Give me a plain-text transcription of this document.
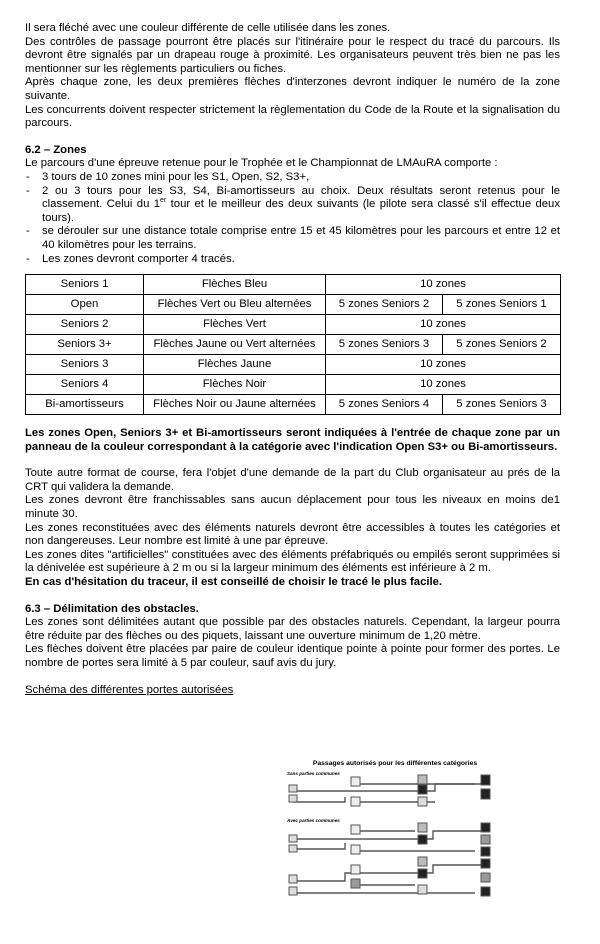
Il sera fléché avec une couleur différente de celle utilisée dans les zones.

Des contrôles de passage pourront être placés sur l'itinéraire pour le respect du tracé du parcours. Ils devront être signalés par un drapeau rouge à proximité. Les organisateurs peuvent très bien ne pas les mentionner sur les règlements particuliers ou fiches.

Après chaque zone, les deux premières flèches d'interzones devront indiquer le numéro de la zone suivante.

Les concurrents doivent respecter strictement la règlementation du Code de la Route et la signalisation du parcours.

6.2 – Zones

Le parcours d'une épreuve retenue pour le Trophée et le Championnat de LMAuRA comporte :

- 3 tours de 10 zones mini pour les S1, Open, S2, S3+,
- 2 ou 3 tours pour les S3, S4, Bi-amortisseurs au choix. Deux résultats seront retenus pour le classement. Celui du 1er tour et le meilleur des deux suivants (le pilote sera classé s'il effectue deux tours).
- se dérouler sur une distance totale comprise entre 15 et 45 kilomètres pour les parcours et entre 12 et 40 kilomètres pour les terrains.
- Les zones devront comporter 4 tracés.
Seniors 1	Flèches Bleu	10 zones	
Open	Flèches Vert ou Bleu alternées	5 zones Seniors 2	5 zones Seniors 1
Seniors 2	Flèches Vert	10 zones	
Seniors 3+	Flèches Jaune ou Vert alternées	5 zones Seniors 3	5 zones Seniors 2
Seniors 3	Flèches Jaune	10 zones	
Seniors 4	Flèches Noir	10 zones	
Bi-amortisseurs	Flèches Noir ou Jaune alternées	5 zones Seniors 4	5 zones Seniors 3

Les zones Open, Seniors 3+ et Bi-amortisseurs seront indiquées à l'entrée de chaque zone par un panneau de la couleur correspondant à la catégorie avec l'indication Open S3+ ou Bi-amortisseurs.

Toute autre format de course, fera l'objet d'une demande de la part du Club organisateur au prés de la CRT qui validera la demande.

Les zones devront être franchissables sans aucun déplacement pour tous les niveaux en moins de1 minute 30.

Les zones reconstituées avec des éléments naturels devront être accessibles à toutes les catégories et non dangereuses. Leur nombre est limité à une par épreuve.

Les zones dites "artificielles" constituées avec des éléments préfabriqués ou empilés seront supprimées si la dénivelée est supérieure à 2 m ou si la largeur minimum des éléments est inférieure à 2 m.

En cas d'hésitation du traceur, il est conseillé de choisir le tracé le plus facile.

6.3 – Délimitation des obstacles.

Les zones sont délimitées autant que possible par des obstacles naturels. Cependant, la largeur pourra être réduite par des flèches ou des piquets, laissant une ouverture minimum de 1,20 mètre.

Les flèches doivent être placées par paire de couleur identique pointe à pointe pour former des portes. Le nombre de portes sera limité à 5 par couleur, sauf avis du jury.

Schéma des différentes portes autorisées

Passages autorisés pour les différentes catégories
Sans parties communes
Avec parties communes
